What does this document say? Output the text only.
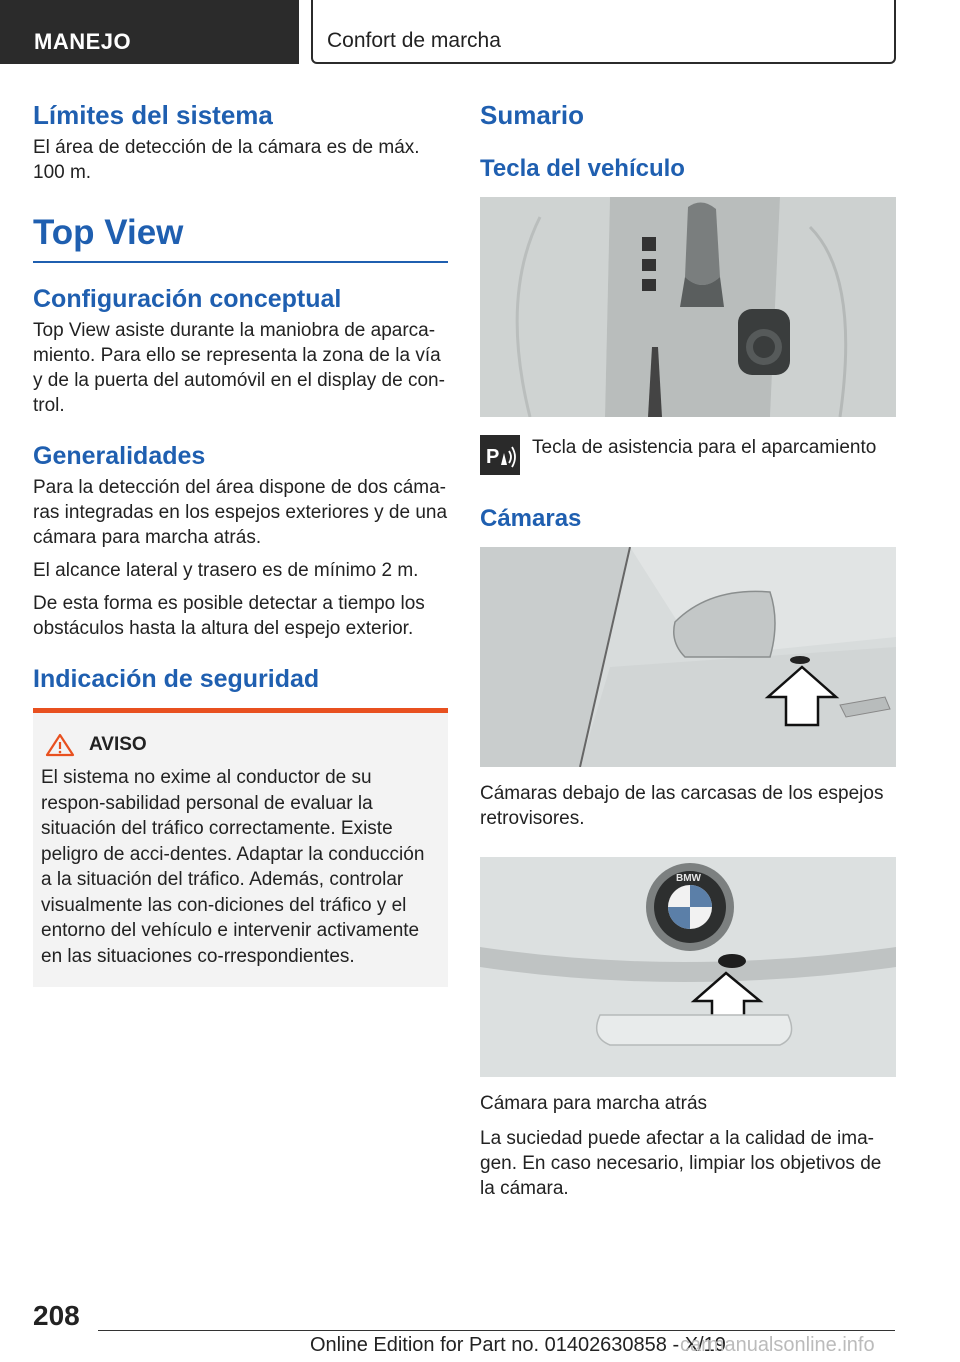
MANEJO	Confort de marcha
Límites del sistema
El área de detección de la cámara es de máx. 100 m.
Top View
Configuración conceptual
Top View asiste durante la maniobra de aparca-miento. Para ello se representa la zona de la vía y de la puerta del automóvil en el display de con-trol.
Generalidades
Para la detección del área dispone de dos cáma-ras integradas en los espejos exteriores y de una cámara para marcha atrás.
El alcance lateral y trasero es de mínimo 2 m.
De esta forma es posible detectar a tiempo los obstáculos hasta la altura del espejo exterior.
Indicación de seguridad
AVISO
El sistema no exime al conductor de su respon-sabilidad personal de evaluar la situación del tráfico correctamente. Existe peligro de acci-dentes. Adaptar la conducción a la situación del tráfico. Además, controlar visualmente las con-diciones del tráfico y el entorno del vehículo e intervenir activamente en las situaciones co-rrespondientes.
Sumario
Tecla del vehículo
P Tecla de asistencia para el aparcamiento
Cámaras
Cámaras debajo de las carcasas de los espejos retrovisores.
BMW
Cámara para marcha atrás
La suciedad puede afectar a la calidad de ima-gen. En caso necesario, limpiar los objetivos de la cámara.
208
Online Edition for Part no. 01402630858 - X/19
carmanualsonline.info
